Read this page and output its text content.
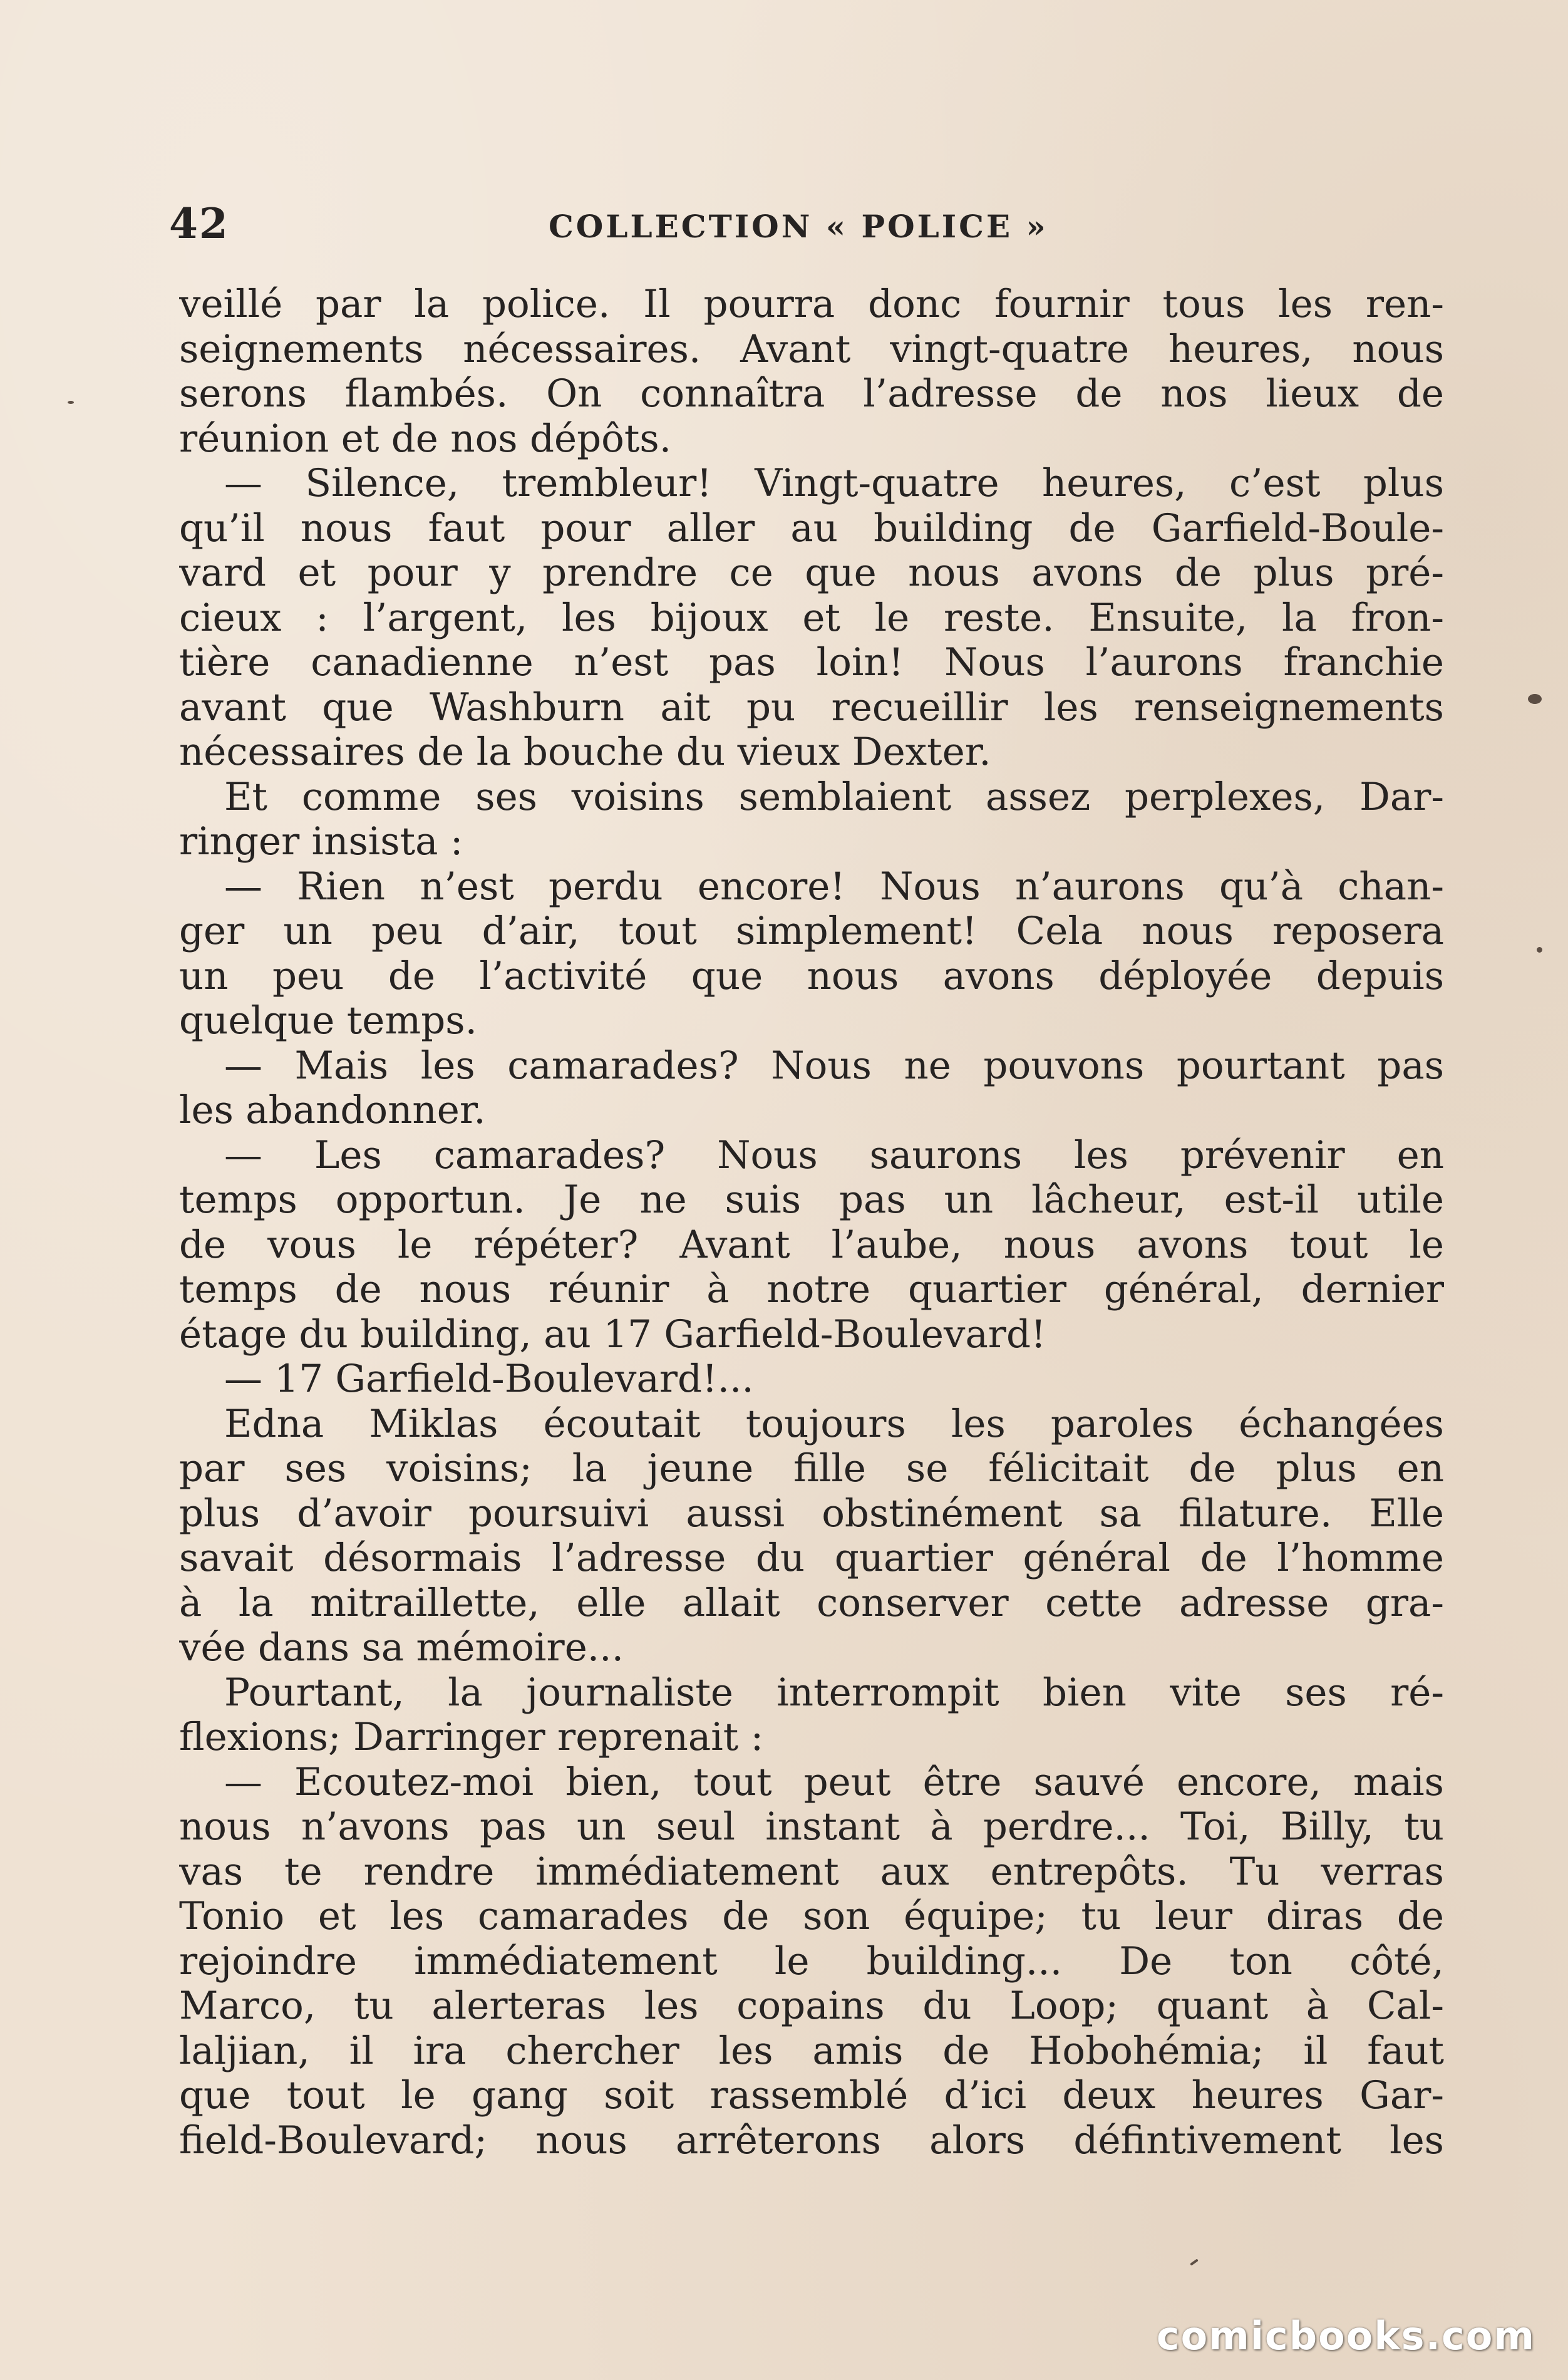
42	COLLECTION « POLICE »
veillé par la police. Il pourra donc fournir tous les ren-
seignements nécessaires. Avant vingt-quatre heures, nous
serons flambés. On connaîtra l’adresse de nos lieux de
réunion et de nos dépôts.
— Silence, trembleur! Vingt-quatre heures, c’est plus
qu’il nous faut pour aller au building de Garfield-Boule-
vard et pour y prendre ce que nous avons de plus pré-
cieux : l’argent, les bijoux et le reste. Ensuite, la fron-
tière canadienne n’est pas loin! Nous l’aurons franchie
avant que Washburn ait pu recueillir les renseignements
nécessaires de la bouche du vieux Dexter.
Et comme ses voisins semblaient assez perplexes, Dar-
ringer insista :
— Rien n’est perdu encore! Nous n’aurons qu’à chan-
ger un peu d’air, tout simplement! Cela nous reposera
un peu de l’activité que nous avons déployée depuis
quelque temps.
— Mais les camarades? Nous ne pouvons pourtant pas
les abandonner.
— Les camarades? Nous saurons les prévenir en
temps opportun. Je ne suis pas un lâcheur, est-il utile
de vous le répéter? Avant l’aube, nous avons tout le
temps de nous réunir à notre quartier général, dernier
étage du building, au 17 Garfield-Boulevard!
— 17 Garfield-Boulevard!...
Edna Miklas écoutait toujours les paroles échangées
par ses voisins; la jeune fille se félicitait de plus en
plus d’avoir poursuivi aussi obstinément sa filature. Elle
savait désormais l’adresse du quartier général de l’homme
à la mitraillette, elle allait conserver cette adresse gra-
vée dans sa mémoire...
Pourtant, la journaliste interrompit bien vite ses ré-
flexions; Darringer reprenait :
— Ecoutez-moi bien, tout peut être sauvé encore, mais
nous n’avons pas un seul instant à perdre... Toi, Billy, tu
vas te rendre immédiatement aux entrepôts. Tu verras
Tonio et les camarades de son équipe; tu leur diras de
rejoindre immédiatement le building... De ton côté,
Marco, tu alerteras les copains du Loop; quant à Cal-
laljian, il ira chercher les amis de Hobohémia; il faut
que tout le gang soit rassemblé d’ici deux heures Gar-
field-Boulevard; nous arrêterons alors défintivement les
comicbooks.com
